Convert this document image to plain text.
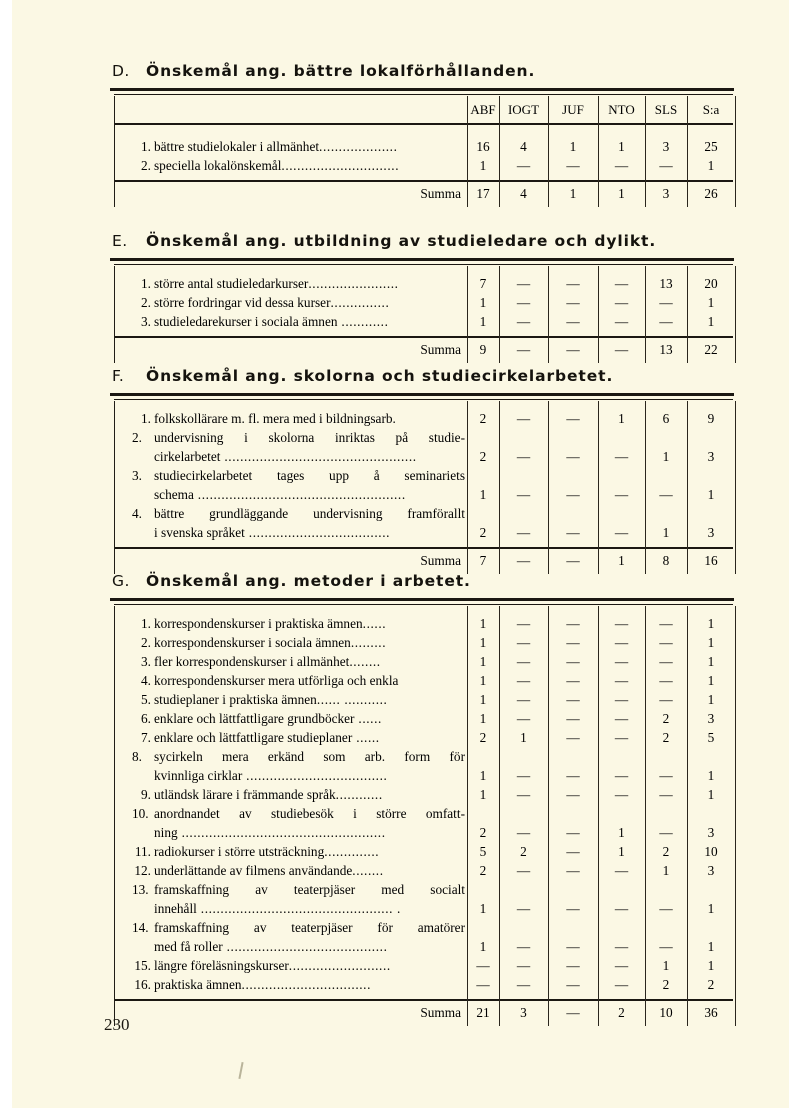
D. Önskemål ang. bättre lokalförhållanden.
ABF IOGT	JUF	NTO	SLS	S:a
1. bättre studielokaler i allmänhet....................	16	4	1	1	3	25
2. speciella lokalönskemål..............................	1	—	—	—	—	1
Summa	17	4	1	1	3	26
E. Önskemål ang. utbildning av studieledare och dylikt.
1. större antal studieledarkurser.......................	7	—	—	—	13	20
2. större fordringar vid dessa kurser...............	1	—	—	—	—	1
3. studieledarekurser i sociala ämnen ............	1	—	—	—	—	1
Summa	9	—	—	—	13	22
F. Önskemål ang. skolorna och studiecirkelarbetet.
1. folkskollärare m. fl. mera med i bildningsarb.	2	—	—	1	6	9
2. undervisning i skolorna inriktas på studie-
cirkelarbetet .................................................	2	—	—	—	1	3
3. studiecirkelarbetet tages upp å seminariets
schema .....................................................	1	—	—	—	—	1
4. bättre grundläggande undervisning framförallt
i svenska språket ....................................	2	—	—	—	1	3
Summa	7	—	—	1	8	16
G. Önskemål ang. metoder i arbetet.
1. korrespondenskurser i praktiska ämnen......	1	—	—	—	—	1
2. korrespondenskurser i sociala ämnen.........	1	—	—	—	—	1
3. fler korrespondenskurser i allmänhet........	1	—	—	—	—	1
4. korrespondenskurser mera utförliga och enkla	1	—	—	—	—	1
5. studieplaner i praktiska ämnen...... ...........	1	—	—	—	—	1
6. enklare och lättfattligare grundböcker ......	1	—	—	—	2	3
7. enklare och lättfattligare studieplaner ......	2	1	—	—	2	5
8. sycirkeln mera erkänd som arb. form för
kvinnliga cirklar ....................................	1	—	—	—	—	1
9. utländsk lärare i främmande språk............	1	—	—	—	—	1
10. anordnandet av studiebesök i större omfatt-
ning ....................................................	2	—	—	1	—	3
11. radiokurser i större utsträckning..............	5	2	—	1	2	10
12. underlättande av filmens användande........	2	—	—	—	1	3
13. framskaffning av teaterpjäser med socialt
innehåll ................................................. .	1	—	—	—	—	1
14. framskaffning av teaterpjäser för amatörer
med få roller .........................................	1	—	—	—	—	1
15. längre föreläsningskurser..........................	—	—	—	—	1	1
16. praktiska ämnen.................................	—	—	—	—	2	2
Summa	21	3	—	2	10	36
230
